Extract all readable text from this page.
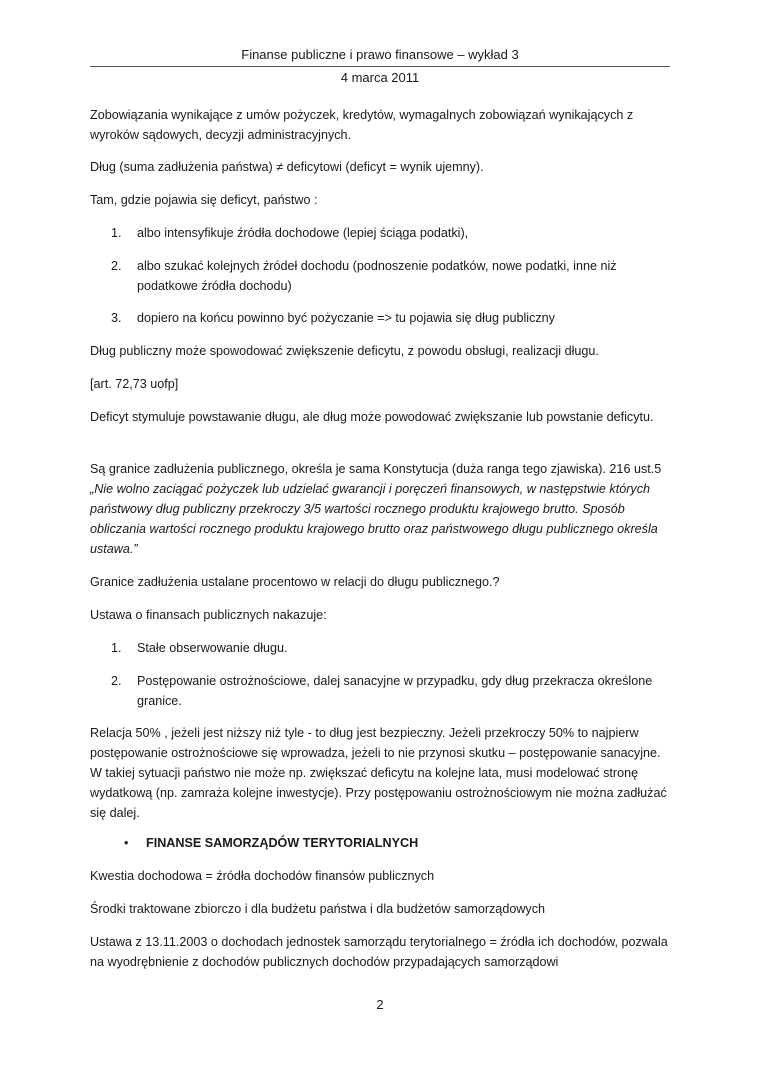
Finanse publiczne i prawo finansowe – wykład 3
4 marca 2011

Zobowiązania wynikające z umów pożyczek, kredytów, wymagalnych zobowiązań wynikających z wyroków sądowych, decyzji administracyjnych.

Dług (suma zadłużenia państwa) ≠ deficytowi (deficyt = wynik ujemny).

Tam, gdzie pojawia się deficyt, państwo :

1.	albo intensyfikuje źródła dochodowe (lepiej ściąga podatki),
2.	albo szukać kolejnych źródeł dochodu (podnoszenie podatków, nowe podatki, inne niż podatkowe źródła dochodu)
3.	dopiero na końcu powinno być pożyczanie => tu pojawia się dług publiczny

Dług publiczny może spowodować zwiększenie deficytu, z powodu obsługi, realizacji długu.

[art. 72,73 uofp]

Deficyt stymuluje powstawanie długu, ale dług może powodować zwiększanie lub powstanie deficytu.

Są granice zadłużenia publicznego, określa je sama Konstytucja (duża ranga tego zjawiska). 216 ust.5 „Nie wolno zaciągać pożyczek lub udzielać gwarancji i poręczeń finansowych, w następstwie których państwowy dług publiczny przekroczy 3/5 wartości rocznego produktu krajowego brutto. Sposób obliczania wartości rocznego produktu krajowego brutto oraz państwowego długu publicznego określa ustawa.”

Granice zadłużenia ustalane procentowo w relacji do długu publicznego.?

Ustawa o finansach publicznych nakazuje:

1.	Stałe obserwowanie długu.
2.	Postępowanie ostrożnościowe, dalej sanacyjne w przypadku, gdy dług przekracza określone granice.

Relacja 50% , jeżeli jest niższy niż tyle - to dług jest bezpieczny. Jeżeli przekroczy 50% to najpierw postępowanie ostrożnościowe się wprowadza, jeżeli to nie przynosi skutku – postępowanie sanacyjne. W takiej sytuacji państwo nie może np. zwiększać deficytu na kolejne lata, musi modelować stronę wydatkową (np. zamraża kolejne inwestycje). Przy postępowaniu ostrożnościowym nie można zadłużać się dalej.

• FINANSE SAMORZĄDÓW TERYTORIALNYCH

Kwestia dochodowa = źródła dochodów finansów publicznych

Środki traktowane zbiorczo i dla budżetu państwa i dla budżetów samorządowych

Ustawa z 13.11.2003 o dochodach jednostek samorządu terytorialnego = źródła ich dochodów, pozwala na wyodrębnienie z dochodów publicznych dochodów przypadających samorządowi

2
